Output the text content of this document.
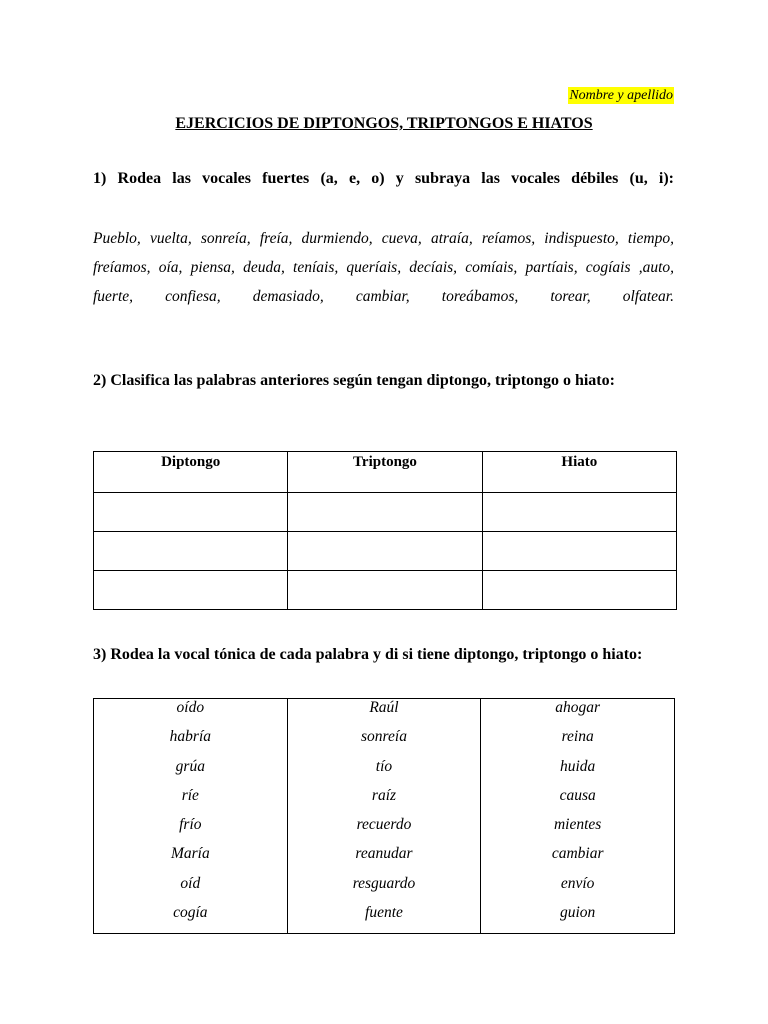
Nombre y apellido
EJERCICIOS DE DIPTONGOS, TRIPTONGOS E HIATOS
1) Rodea las vocales fuertes (a, e, o) y subraya las vocales débiles (u, i):
Pueblo, vuelta, sonreía, freía, durmiendo, cueva, atraía, reíamos, indispuesto, tiempo, freíamos, oía, piensa, deuda, teníais, queríais, decíais, comíais, partíais, cogíais ,auto, fuerte, confiesa, demasiado, cambiar, toreábamos, torear, olfatear.
2) Clasifica las palabras anteriores según tengan diptongo, triptongo o hiato:
Diptongo	Triptongo	Hiato

3) Rodea la vocal tónica de cada palabra y di si tiene diptongo, triptongo o hiato:
oído	Raúl	ahogar
habría	sonreía	reina
grúa	tío	huida
ríe	raíz	causa
frío	recuerdo	mientes
María	reanudar	cambiar
oíd	resguardo	envío
cogía	fuente	guion
